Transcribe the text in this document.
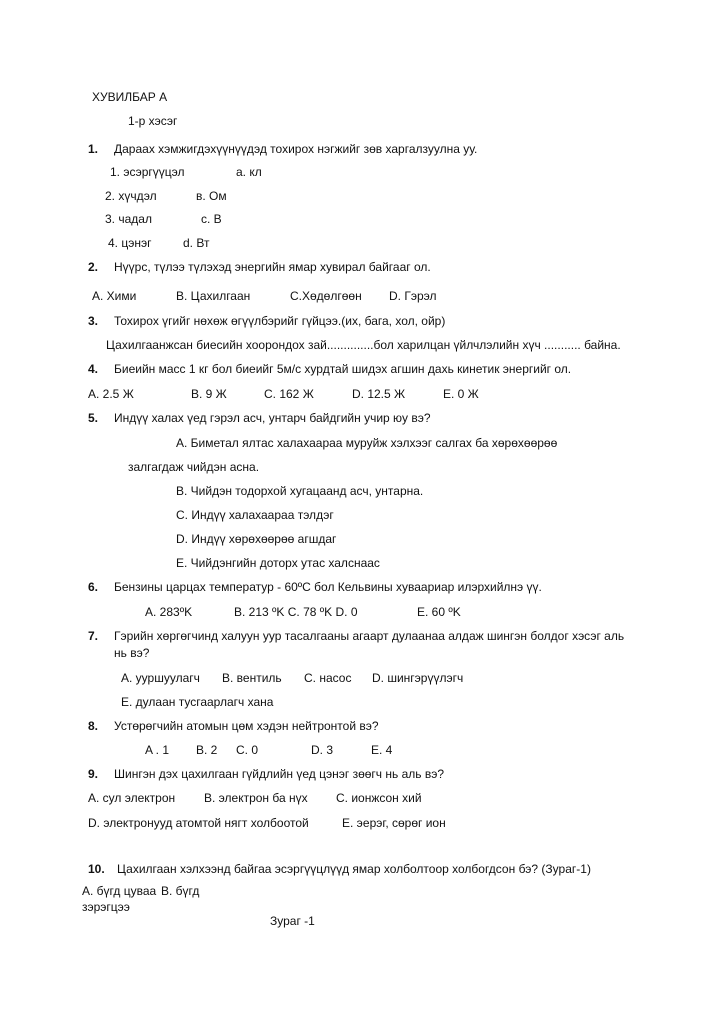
ХУВИЛБАР А
1-р хэсэг
1. Дараах хэмжигдэхүүнүүдэд тохирох нэгжийг зөв харгалзуулна уу.
1. эсэргүүцэл	a. кл
2. хүчдэл	в. Ом
3. чадал	c. В
4. цэнэг	d. Вт
2. Нүүрс, түлээ түлэхэд энергийн ямар хувирал байгааг ол.
A. Хими	B. Цахилгаан	C.Хөдөлгөөн D. Гэрэл
3. Тохирох үгийг нөхөж өгүүлбэрийг гүйцээ.(их, бага, хол, ойр)
Цахилгаанжсан биесийн хоорондох зай..............бол харилцан үйлчлэлийн хүч ........... байна.
4. Биеийн масс 1 кг бол биеийг 5м/с хурдтай шидэх агшин дахь кинетик энергийг ол.
A. 2.5 Ж	B. 9 Ж	C. 162 Ж	D. 12.5 Ж	E. 0 Ж
5. Индүү халах үед гэрэл асч, унтарч байдгийн учир юу вэ?
A. Биметал ялтас халахаараа муруйж хэлхээг салгах ба хөрөхөөрөө
залгагдаж чийдэн асна.
B. Чийдэн тодорхой хугацаанд асч, унтарна.
C. Индүү халахаараа тэлдэг
D. Индүү хөрөхөөрөө агшдаг
E. Чийдэнгийн доторх утас халснаас
6. Бензины царцах температур - 60ºC бол Кельвины хуваариар илэрхийлнэ үү.
A. 283ºK	B. 213 ºK C. 78 ºK D. 0	E. 60 ºK
7. Гэрийн хөргөгчинд халуун уур тасалгааны агаарт дулаанаа алдаж шингэн болдог хэсэг аль
нь вэ?
A. ууршуулагч B. вентиль C. насос D. шингэрүүлэгч
E. дулаан тусгаарлагч хана
8. Устөрөгчийн атомын цөм хэдэн нейтронтой вэ?
A . 1 B. 2 C. 0	D. 3	E. 4
9. Шингэн дэх цахилгаан гүйдлийн үед цэнэг зөөгч нь аль вэ?
A. сул электрон B. электрон ба нүх C. ионжсон хий
D. электронууд атомтой нягт холбоотой	E. эерэг, сөрөг ион
10. Цахилгаан хэлхээнд байгаа эсэргүүцлүүд ямар холболтоор холбогдсон бэ? (Зураг-1)
A. бүгд цуваа B. бүгд
зэрэгцээ
Зураг -1
